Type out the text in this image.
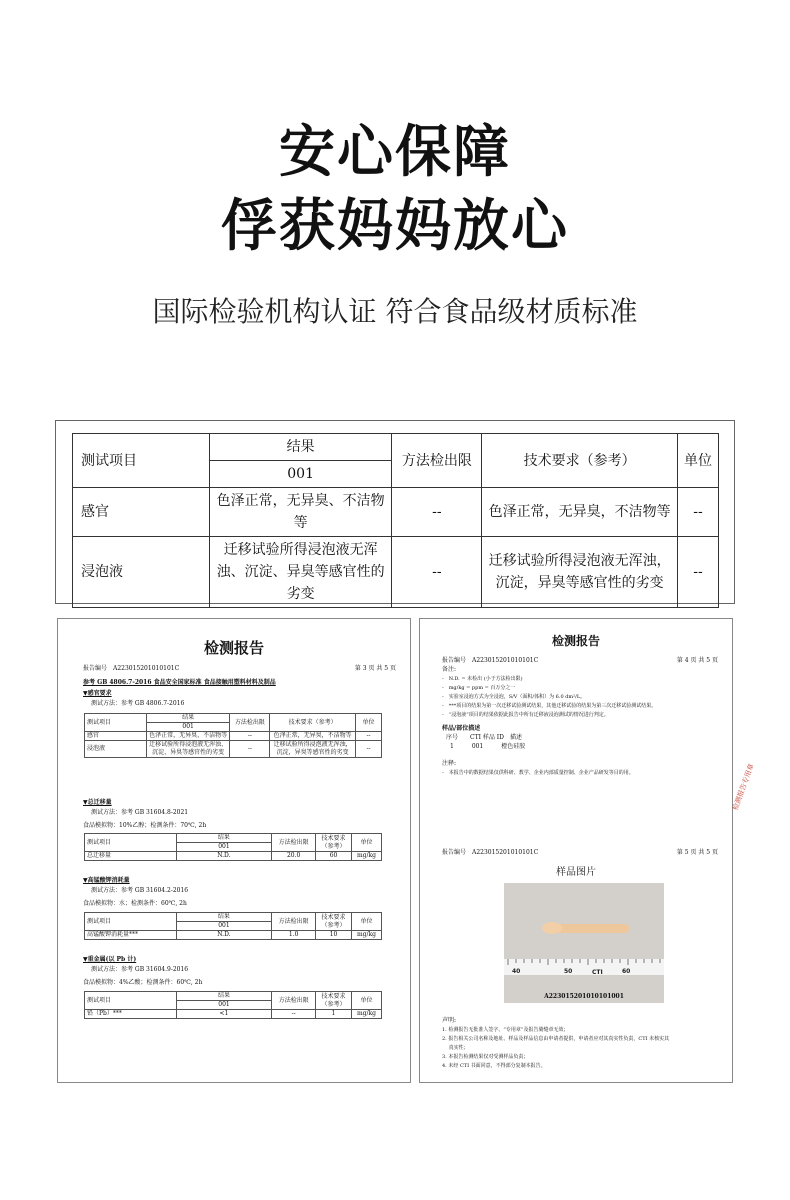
安心保障
俘获妈妈放心
国际检验机构认证 符合食品级材质标准
测试项目	结果	方法检出限	技术要求（参考）	单位
	001			
感官	色泽正常，无异臭、不洁物等	--	色泽正常，无异臭，不洁物等	--
浸泡液	迁移试验所得浸泡液无浑浊、沉淀、异臭等感官性的劣变	--	迁移试验所得浸泡液无浑浊，沉淀，异臭等感官性的劣变	--
检测报告
报告编号　A223015201010101C	第 3 页 共 5 页
参考 GB 4806.7-2016 食品安全国家标准 食品接触用塑料材料及制品
▼感官要求
测试方法：参考 GB 4806.7-2016
测试项目	结果	方法检出限	技术要求（参考）	单位
	001			
感官	色泽正常，无异臭、不洁物等	--	色泽正常，无异臭，不洁物等	--
浸泡液	迁移试验所得浸泡液无浑浊、沉淀、异臭等感官性的劣变	--	迁移试验所得浸泡液无浑浊，沉淀，异臭等感官性的劣变	--
▼总迁移量
测试方法：参考 GB 31604.8-2021
食品模拟物：10%乙醇；检测条件：70℃, 2h
测试项目	结果	方法检出限	技术要求（参考）	单位
	001			
总迁移量	N.D.	20.0	60	mg/kg
▼高锰酸钾消耗量
测试方法：参考 GB 31604.2-2016
食品模拟物：水；检测条件：60℃, 2h
测试项目	结果	方法检出限	技术要求（参考）	单位
	001			
高锰酸钾消耗量***	N.D.	1.0	10	mg/kg
▼重金属(以 Pb 计)
测试方法：参考 GB 31604.9-2016
食品模拟物：4%乙酸；检测条件：60℃, 2h
测试项目	结果	方法检出限	技术要求（参考）	单位
	001			
铅（Pb）***	<1	--	1	mg/kg
检测报告
报告编号　A223015201010101C	第 4 页 共 5 页
备注:
-　N.D. = 未检出 (小于方法检出限)
-　mg/kg = ppm = 百万分之一
-　实验室浸泡方式为全浸泡，S/V（面积/体积）为 6.0 dm²/L。
-　***项目的结果为第一次迁移试验测试结果，其他迁移试验的结果为第三次迁移试验测试结果。
-　“浸泡液”项目的结果依据此报告中所有迁移液浸泡测试的情况进行判定。
样品/部位描述
序号　　CTI 样品 ID　描述
1　　　001　　　橙色硅胶
注释:
-　本报告中的数据结果仅供科研、教学、企业内部质量控制、企业产品研发等目的用。	检测报告专用章
报告编号　A223015201010101C	第 5 页 共 5 页
样品图片
40	50	CTI	60
A223015201010101001
声明:
1. 检测报告无批准人签字、“专用章”及报告骑缝章无效；
2. 报告相关公司名称及地址、样品及样品信息由申请者提供，申请者应对其真实性负责，CTI 未核实其
　 真实性；
3. 本报告检测结果仅对受测样品负责；
4. 未经 CTI 书面同意，不得部分复制本报告。
